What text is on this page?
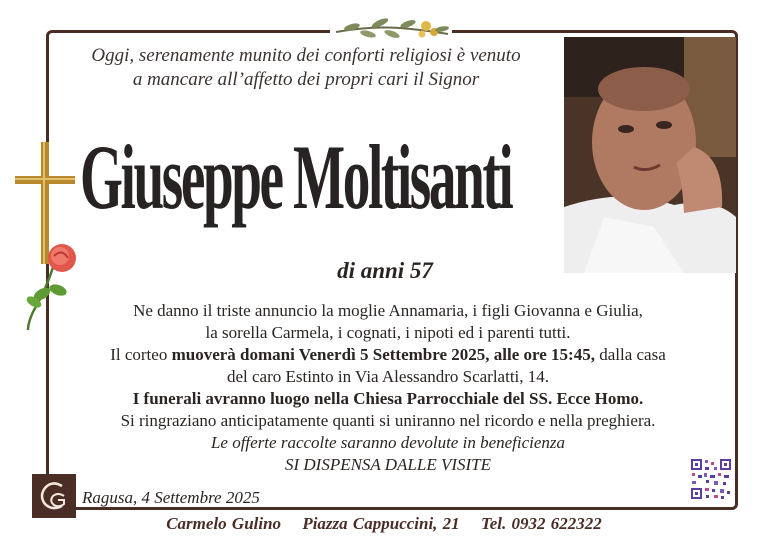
Oggi, serenamente munito dei conforti religiosi è venuto
a mancare all’affetto dei propri cari il Signor
Giuseppe Moltisanti
di anni 57
Ne danno il triste annuncio la moglie Annamaria, i figli Giovanna e Giulia,
la sorella Carmela, i cognati, i nipoti ed i parenti tutti.
Il corteo muoverà domani Venerdì 5 Settembre 2025, alle ore 15:45, dalla casa
del caro Estinto in Via Alessandro Scarlatti, 14.
I funerali avranno luogo nella Chiesa Parrocchiale del SS. Ecce Homo.
Si ringraziano anticipatamente quanti si uniranno nel ricordo e nella preghiera.
Le offerte raccolte saranno devolute in beneficienza
SI DISPENSA DALLE VISITE
Ragusa, 4 Settembre 2025
Carmelo Gulino Piazza Cappuccini, 21 Tel. 0932 622322
